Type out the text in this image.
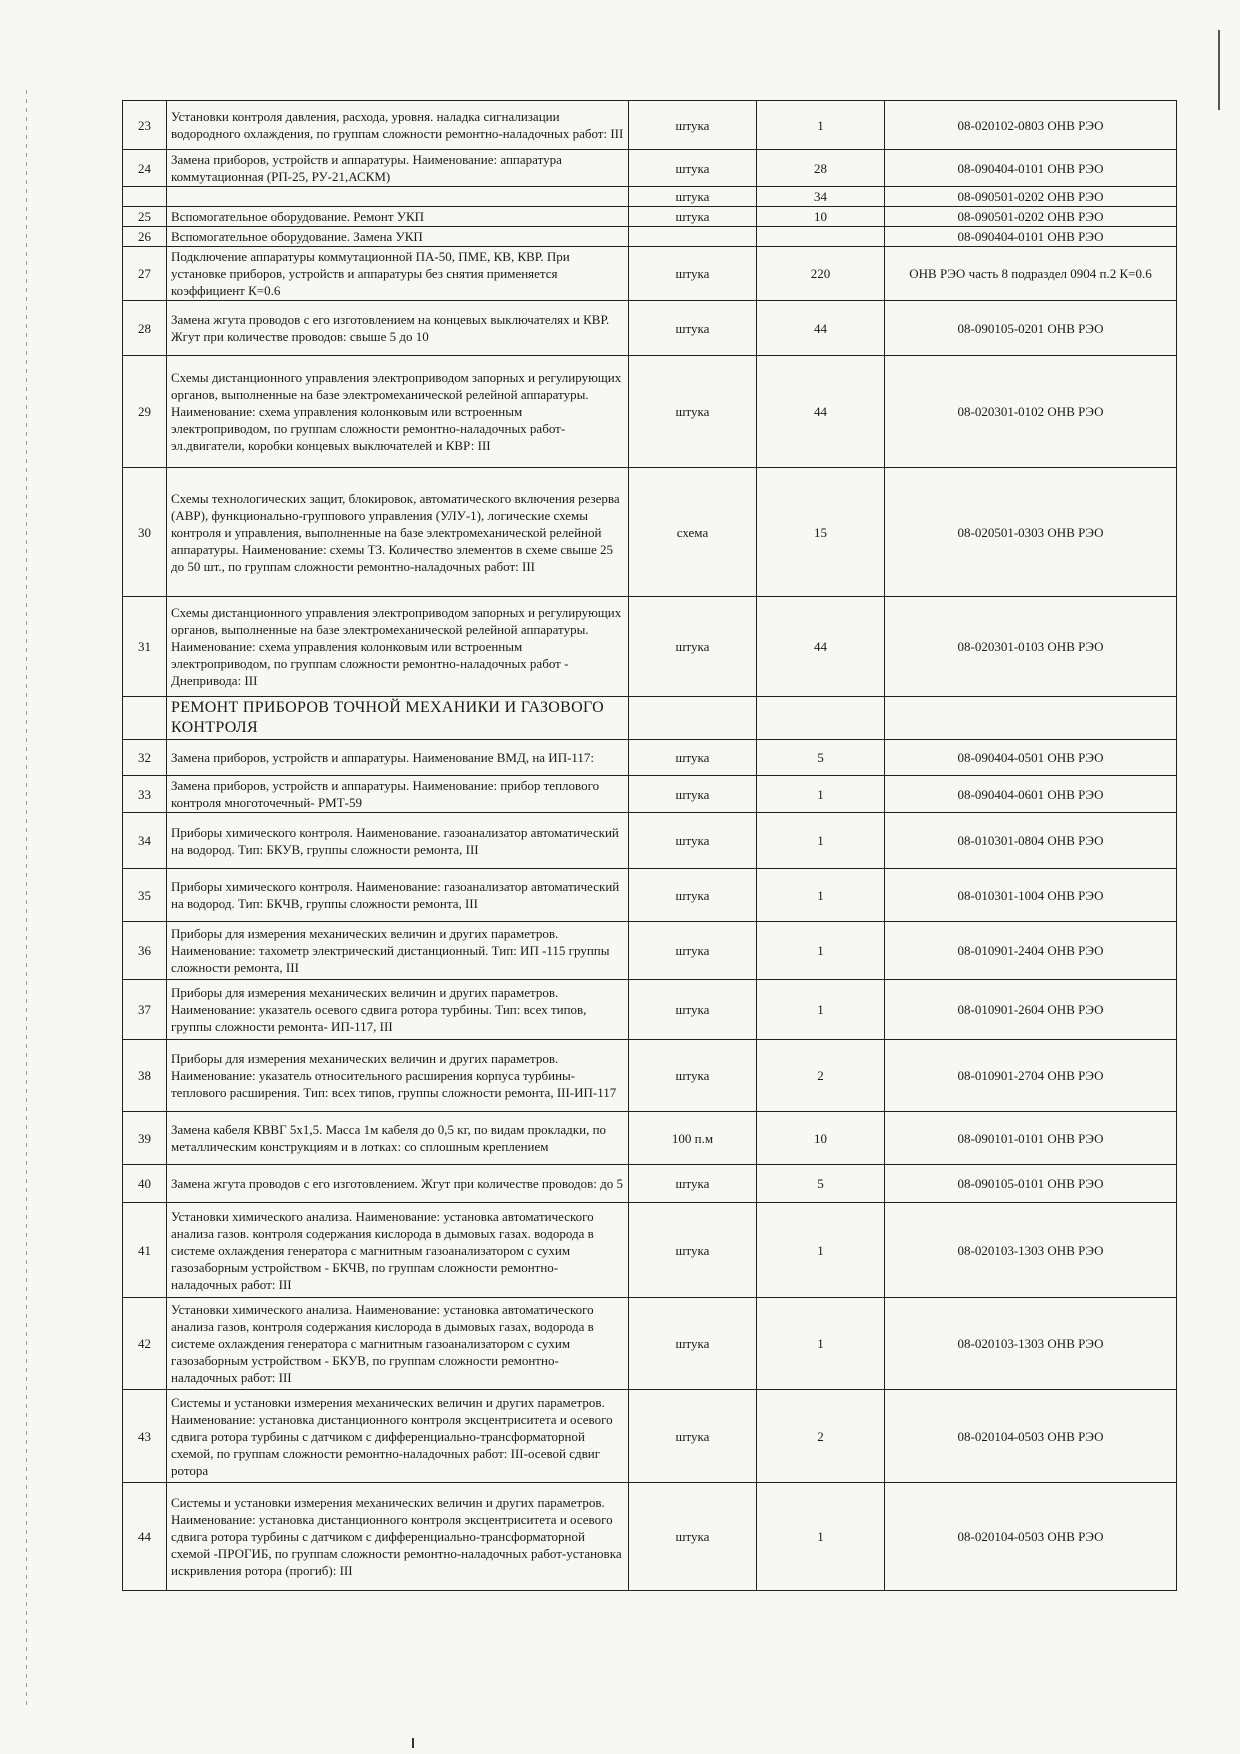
23	Установки контроля давления, расхода, уровня. наладка сигнализации водородного охлаждения, по группам сложности ремонтно-наладочных работ: III	штука	1	08-020102-0803 ОНВ РЭО
24	Замена приборов, устройств и аппаратуры. Наименование: аппаратура коммутационная (РП-25, РУ-21,АСКМ)	штука	28	08-090404-0101 ОНВ РЭО
		штука	34	08-090501-0202 ОНВ РЭО
25	Вспомогательное оборудование. Ремонт УКП	штука	10	08-090501-0202 ОНВ РЭО
26	Вспомогательное оборудование. Замена УКП			08-090404-0101 ОНВ РЭО
27	Подключение аппаратуры коммутационной ПА-50, ПМЕ, КВ, КВР. При установке приборов, устройств и аппаратуры без снятия применяется коэффициент К=0.6	штука	220	ОНВ РЭО часть 8 подраздел 0904 п.2 К=0.6
28	Замена жгута проводов с его изготовлением на концевых выключателях и КВР. Жгут при количестве проводов: свыше 5 до 10	штука	44	08-090105-0201 ОНВ РЭО
29	Схемы дистанционного управления электроприводом запорных и регулирующих органов, выполненные на базе электромеханической релейной аппаратуры. Наименование: схема управления колонковым или встроенным электроприводом, по группам сложности ремонтно-наладочных работ- эл.двигатели, коробки концевых выключателей и КВР: III	штука	44	08-020301-0102 ОНВ РЭО
30	Схемы технологических защит, блокировок, автоматического включения резерва (АВР), функционально-группового управления (УЛУ-1), логические схемы контроля и управления, выполненные на базе электромеханической релейной аппаратуры. Наименование: схемы ТЗ. Количество элементов в схеме свыше 25 до 50 шт., по группам сложности ремонтно-наладочных работ: III	схема	15	08-020501-0303 ОНВ РЭО
31	Схемы дистанционного управления электроприводом запорных и регулирующих органов, выполненные на базе электромеханической релейной аппаратуры. Наименование: схема управления колонковым или встроенным электроприводом, по группам сложности ремонтно-наладочных работ - Днепривода: III	штука	44	08-020301-0103 ОНВ РЭО
	РЕМОНТ ПРИБОРОВ ТОЧНОЙ МЕХАНИКИ И ГАЗОВОГО КОНТРОЛЯ			
32	Замена приборов, устройств и аппаратуры. Наименование ВМД, на ИП-117:	штука	5	08-090404-0501 ОНВ РЭО
33	Замена приборов, устройств и аппаратуры. Наименование: прибор теплового контроля многоточечный- РМТ-59	штука	1	08-090404-0601 ОНВ РЭО
34	Приборы химического контроля. Наименование. газоанализатор автоматический на водород. Тип: БКУВ, группы сложности ремонта, III	штука	1	08-010301-0804 ОНВ РЭО
35	Приборы химического контроля. Наименование: газоанализатор автоматический на водород. Тип: БКЧВ, группы сложности ремонта, III	штука	1	08-010301-1004 ОНВ РЭО
36	Приборы для измерения механических величин и других параметров. Наименование: тахометр электрический дистанционный. Тип: ИП -115 группы сложности ремонта, III	штука	1	08-010901-2404 ОНВ РЭО
37	Приборы для измерения механических величин и других параметров. Наименование: указатель осевого сдвига ротора турбины. Тип: всех типов, группы сложности ремонта- ИП-117, III	штука	1	08-010901-2604 ОНВ РЭО
38	Приборы для измерения механических величин и других параметров. Наименование: указатель относительного расширения корпуса турбины-теплового расширения. Тип: всех типов, группы сложности ремонта, III-ИП-117	штука	2	08-010901-2704 ОНВ РЭО
39	Замена кабеля КВВГ 5х1,5. Масса 1м кабеля до 0,5 кг, по видам прокладки, по металлическим конструкциям и в лотках: со сплошным креплением	100 п.м	10	08-090101-0101 ОНВ РЭО
40	Замена жгута проводов с его изготовлением. Жгут при количестве проводов: до 5	штука	5	08-090105-0101 ОНВ РЭО
41	Установки химического анализа. Наименование: установка автоматического анализа газов. контроля содержания кислорода в дымовых газах. водорода в системе охлаждения генератора с магнитным газоанализатором с сухим газозаборным устройством - БКЧВ, по группам сложности ремонтно-наладочных работ: III	штука	1	08-020103-1303 ОНВ РЭО
42	Установки химического анализа. Наименование: установка автоматического анализа газов, контроля содержания кислорода в дымовых газах, водорода в системе охлаждения генератора с магнитным газоанализатором с сухим газозаборным устройством - БКУВ, по группам сложности ремонтно-наладочных работ: III	штука	1	08-020103-1303 ОНВ РЭО
43	Системы и установки измерения механических величин и других параметров. Наименование: установка дистанционного контроля эксцентриситета и осевого сдвига ротора турбины с датчиком с дифференциально-трансформаторной схемой, по группам сложности ремонтно-наладочных работ: III-осевой сдвиг ротора	штука	2	08-020104-0503 ОНВ РЭО
44	Системы и установки измерения механических величин и других параметров. Наименование: установка дистанционного контроля эксцентриситета и осевого сдвига ротора турбины с датчиком с дифференциально-трансформаторной схемой -ПРОГИБ, по группам сложности ремонтно-наладочных работ-установка искривления ротора (прогиб): III	штука	1	08-020104-0503 ОНВ РЭО
